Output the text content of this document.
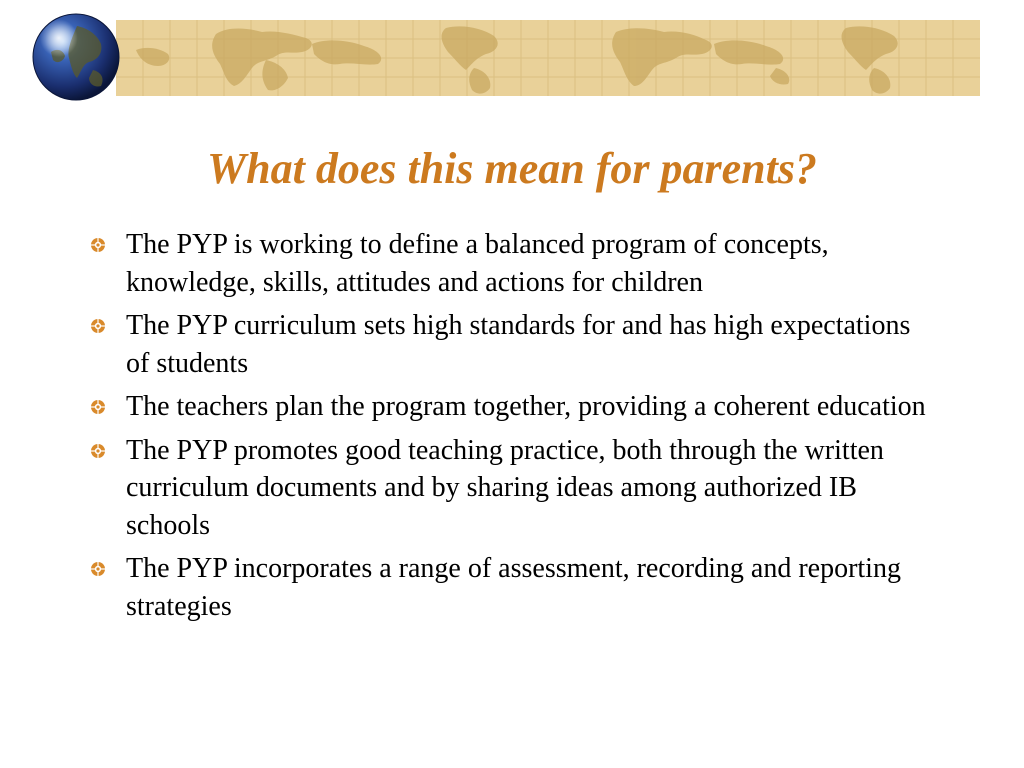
What does this mean for parents?
The PYP is working to define a balanced program of concepts, knowledge, skills, attitudes and actions for children
The PYP curriculum sets high standards for and has high expectations of students
The teachers plan the program together, providing a coherent education
The PYP promotes good teaching practice, both through the written curriculum documents and by sharing ideas among authorized IB schools
The PYP incorporates a range of assessment, recording and reporting strategies
